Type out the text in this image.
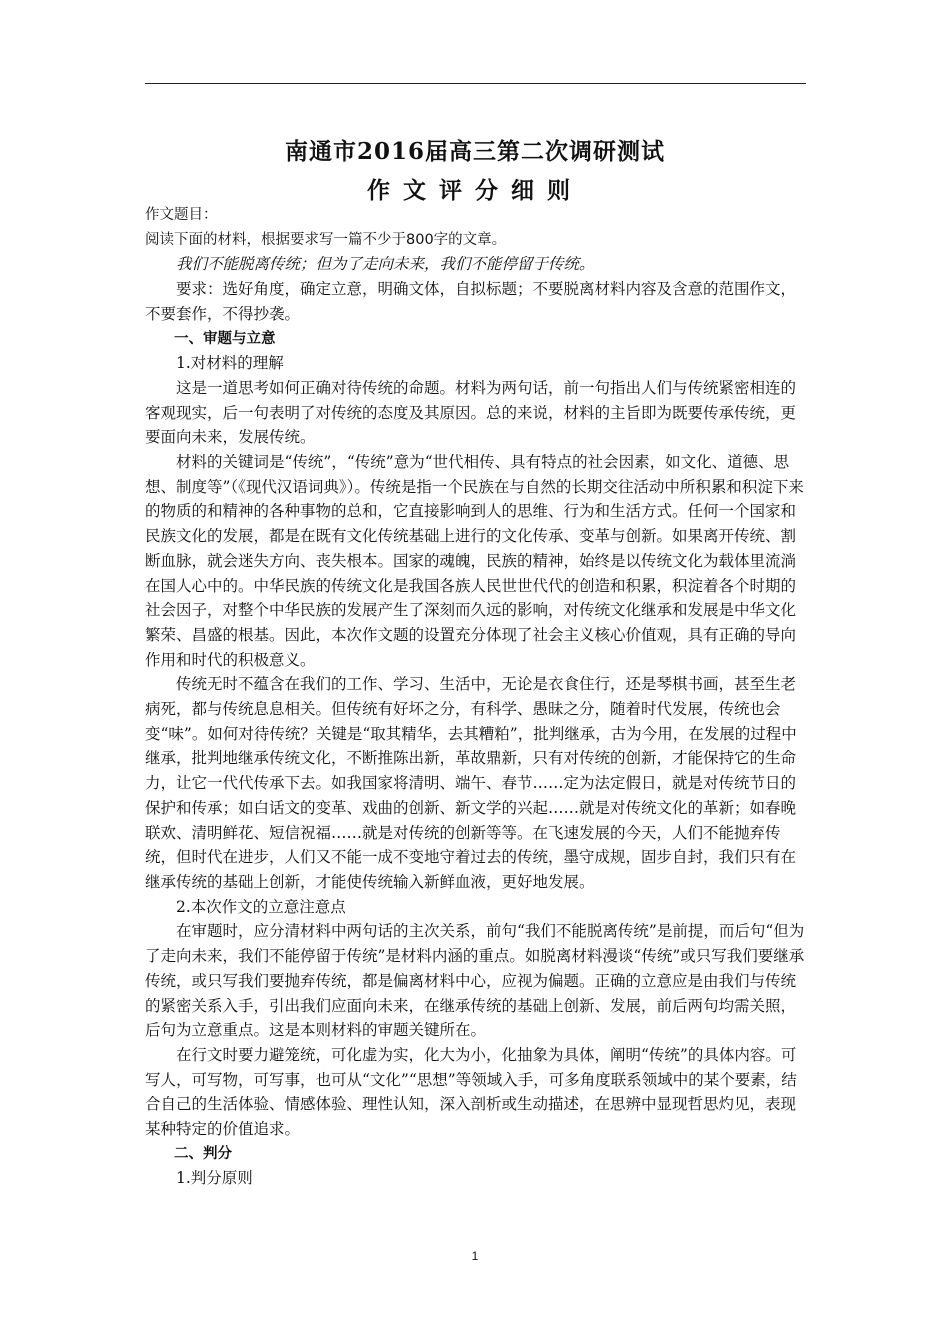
南通市2016届高三第二次调研测试
作文评分细则

作文题目：

阅读下面的材料，根据要求写一篇不少于800字的文章。

我们不能脱离传统；但为了走向未来，我们不能停留于传统。

要求：选好角度，确定立意，明确文体，自拟标题；不要脱离材料内容及含意的范围作文，不要套作，不得抄袭。

一、审题与立意

1.对材料的理解

这是一道思考如何正确对待传统的命题。材料为两句话，前一句指出人们与传统紧密相连的客观现实，后一句表明了对传统的态度及其原因。总的来说，材料的主旨即为既要传承传统，更要面向未来，发展传统。

材料的关键词是“传统”，“传统”意为“世代相传、具有特点的社会因素，如文化、道德、思想、制度等”（《现代汉语词典》）。传统是指一个民族在与自然的长期交往活动中所积累和积淀下来的物质的和精神的各种事物的总和，它直接影响到人的思维、行为和生活方式。任何一个国家和民族文化的发展，都是在既有文化传统基础上进行的文化传承、变革与创新。如果离开传统、割断血脉，就会迷失方向、丧失根本。国家的魂魄，民族的精神，始终是以传统文化为载体里流淌在国人心中的。中华民族的传统文化是我国各族人民世世代代的创造和积累，积淀着各个时期的社会因子，对整个中华民族的发展产生了深刻而久远的影响，对传统文化继承和发展是中华文化繁荣、昌盛的根基。因此，本次作文题的设置充分体现了社会主义核心价值观，具有正确的导向作用和时代的积极意义。

传统无时不蕴含在我们的工作、学习、生活中，无论是衣食住行，还是琴棋书画，甚至生老病死，都与传统息息相关。但传统有好坏之分，有科学、愚昧之分，随着时代发展，传统也会变“味”。如何对待传统？关键是“取其精华，去其糟粕”，批判继承，古为今用，在发展的过程中继承，批判地继承传统文化，不断推陈出新，革故鼎新，只有对传统的创新，才能保持它的生命力，让它一代代传承下去。如我国家将清明、端午、春节……定为法定假日，就是对传统节日的保护和传承；如白话文的变革、戏曲的创新、新文学的兴起……就是对传统文化的革新；如春晚联欢、清明鲜花、短信祝福……就是对传统的创新等等。在飞速发展的今天，人们不能抛弃传统，但时代在进步，人们又不能一成不变地守着过去的传统，墨守成规，固步自封，我们只有在继承传统的基础上创新，才能使传统输入新鲜血液，更好地发展。

2.本次作文的立意注意点

在审题时，应分清材料中两句话的主次关系，前句“我们不能脱离传统”是前提，而后句“但为了走向未来，我们不能停留于传统”是材料内涵的重点。如脱离材料漫谈“传统”或只写我们要继承传统，或只写我们要抛弃传统，都是偏离材料中心，应视为偏题。正确的立意应是由我们与传统的紧密关系入手，引出我们应面向未来，在继承传统的基础上创新、发展，前后两句均需关照，后句为立意重点。这是本则材料的审题关键所在。

在行文时要力避笼统，可化虚为实，化大为小，化抽象为具体，阐明“传统”的具体内容。可写人，可写物，可写事，也可从“文化”“思想”等领域入手，可多角度联系领域中的某个要素，结合自己的生活体验、情感体验、理性认知，深入剖析或生动描述，在思辨中显现哲思灼见，表现某种特定的价值追求。

二、判分

1.判分原则

1
